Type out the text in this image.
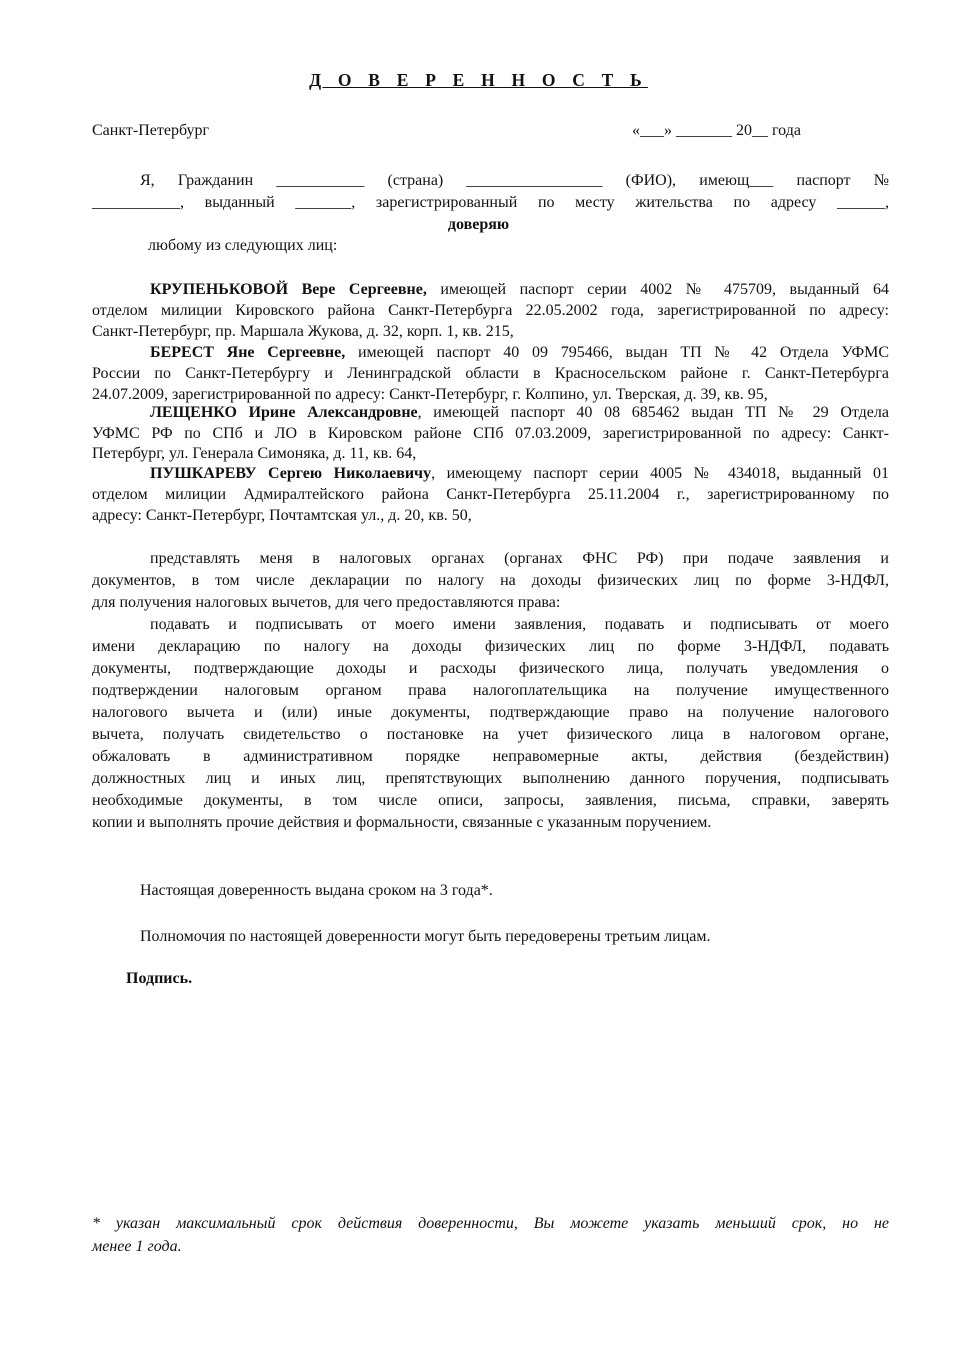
Д О В Е Р Е Н Н О С Т Ь
Санкт-Петербург	«___» _______ 20__ года
Я, Гражданин ___________ (страна) _________________ (ФИО), имеющ___ паспорт №
___________, выданный _______, зарегистрированный по месту жительства по адресу ______,
доверяю
любому из следующих лиц:
КРУПЕНЬКОВОЙ Вере Сергеевне, имеющей паспорт серии 4002 № 475709, выданный 64
отделом милиции Кировского района Санкт-Петербурга 22.05.2002 года, зарегистрированной по адресу:
Санкт-Петербург, пр. Маршала Жукова, д. 32, корп. 1, кв. 215,
БЕРЕСТ Яне Сергеевне, имеющей паспорт 40 09 795466, выдан ТП № 42 Отдела УФМС
России по Санкт-Петербургу и Ленинградской области в Красносельском районе г. Санкт-Петербурга
24.07.2009, зарегистрированной по адресу: Санкт-Петербург, г. Колпино, ул. Тверская, д. 39, кв. 95,
ЛЕЩЕНКО Ирине Александровне, имеющей паспорт 40 08 685462 выдан ТП № 29 Отдела
УФМС РФ по СПб и ЛО в Кировском районе СПб 07.03.2009, зарегистрированной по адресу: Санкт-
Петербург, ул. Генерала Симоняка, д. 11, кв. 64,
ПУШКАРЕВУ Сергею Николаевичу, имеющему паспорт серии 4005 № 434018, выданный 01
отделом милиции Адмиралтейского района Санкт-Петербурга 25.11.2004 г., зарегистрированному по
адресу: Санкт-Петербург, Почтамтская ул., д. 20, кв. 50,
представлять меня в налоговых органах (органах ФНС РФ) при подаче заявления и
документов, в том числе декларации по налогу на доходы физических лиц по форме 3-НДФЛ,
для получения налоговых вычетов, для чего предоставляются права:
подавать и подписывать от моего имени заявления, подавать и подписывать от моего
имени декларацию по налогу на доходы физических лиц по форме 3-НДФЛ, подавать
документы, подтверждающие доходы и расходы физического лица, получать уведомления о
подтверждении налоговым органом права налогоплательщика на получение имущественного
налогового вычета и (или) иные документы, подтверждающие право на получение налогового
вычета, получать свидетельство о постановке на учет физического лица в налоговом органе,
обжаловать в административном порядке неправомерные акты, действия (бездействин)
должностных лиц и иных лиц, препятствующих выполнению данного поручения, подписывать
необходимые документы, в том числе описи, запросы, заявления, письма, справки, заверять
копии и выполнять прочие действия и формальности, связанные с указанным поручением.
Настоящая доверенность выдана сроком на 3 года*.
Полномочия по настоящей доверенности могут быть передоверены третьим лицам.
Подпись.
* указан максимальный срок действия доверенности, Вы можете указать меньший срок, но не
менее 1 года.
